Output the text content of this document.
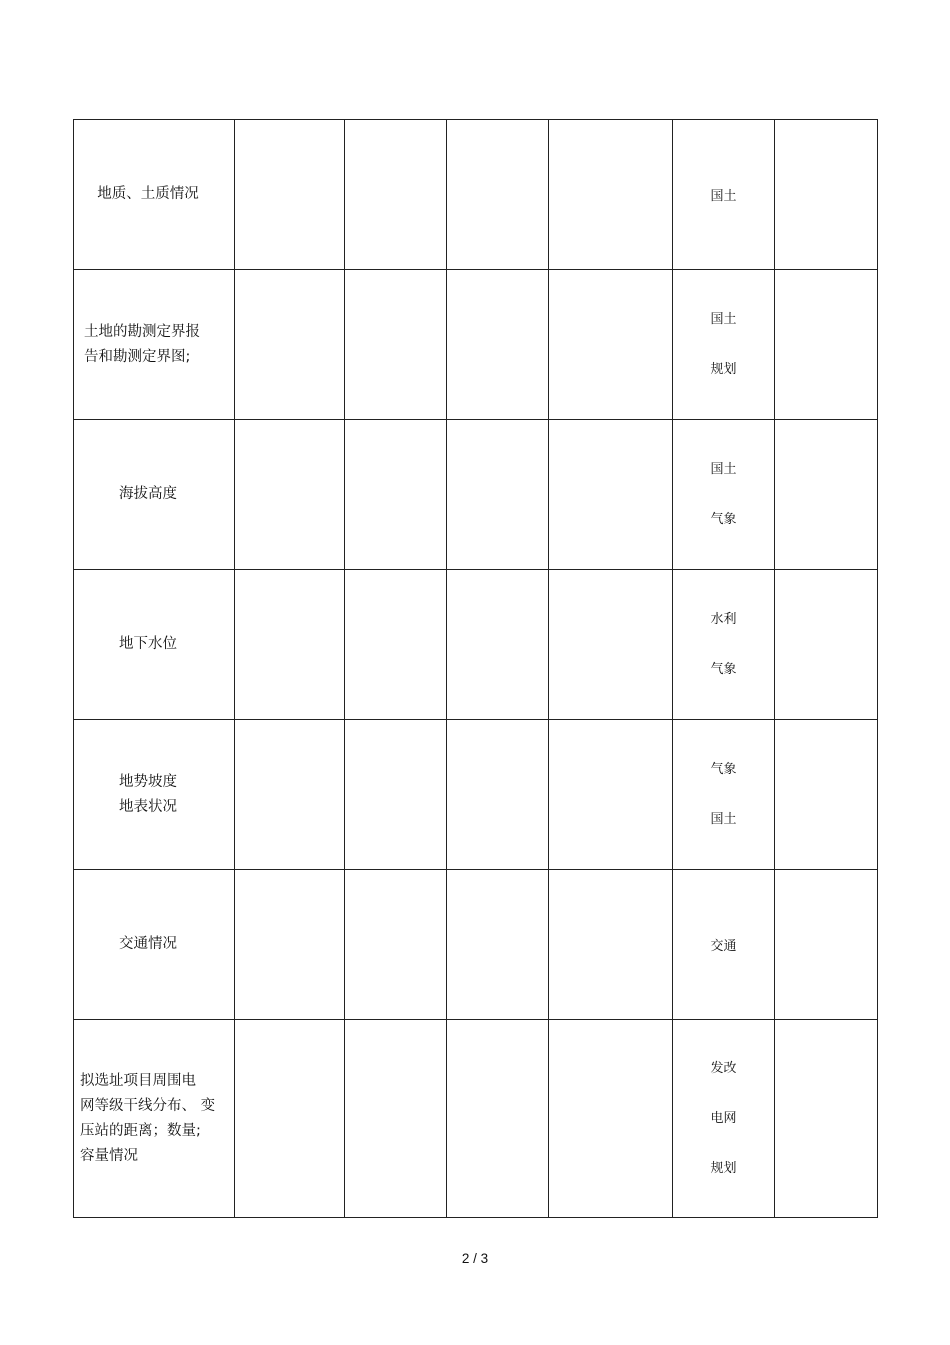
地质、土质情况					国土	

土地的勘测定界报
告和勘测定界图;					国土
规划	

海拔高度					国土
气象	

地下水位					水利
气象	

地势坡度
地表状况					气象
国土	

交通情况					交通	

拟选址项目周围电
网等级干线分布、 变
压站的距离；数量;
容量情况					发改
电网
规划	

2 / 3
